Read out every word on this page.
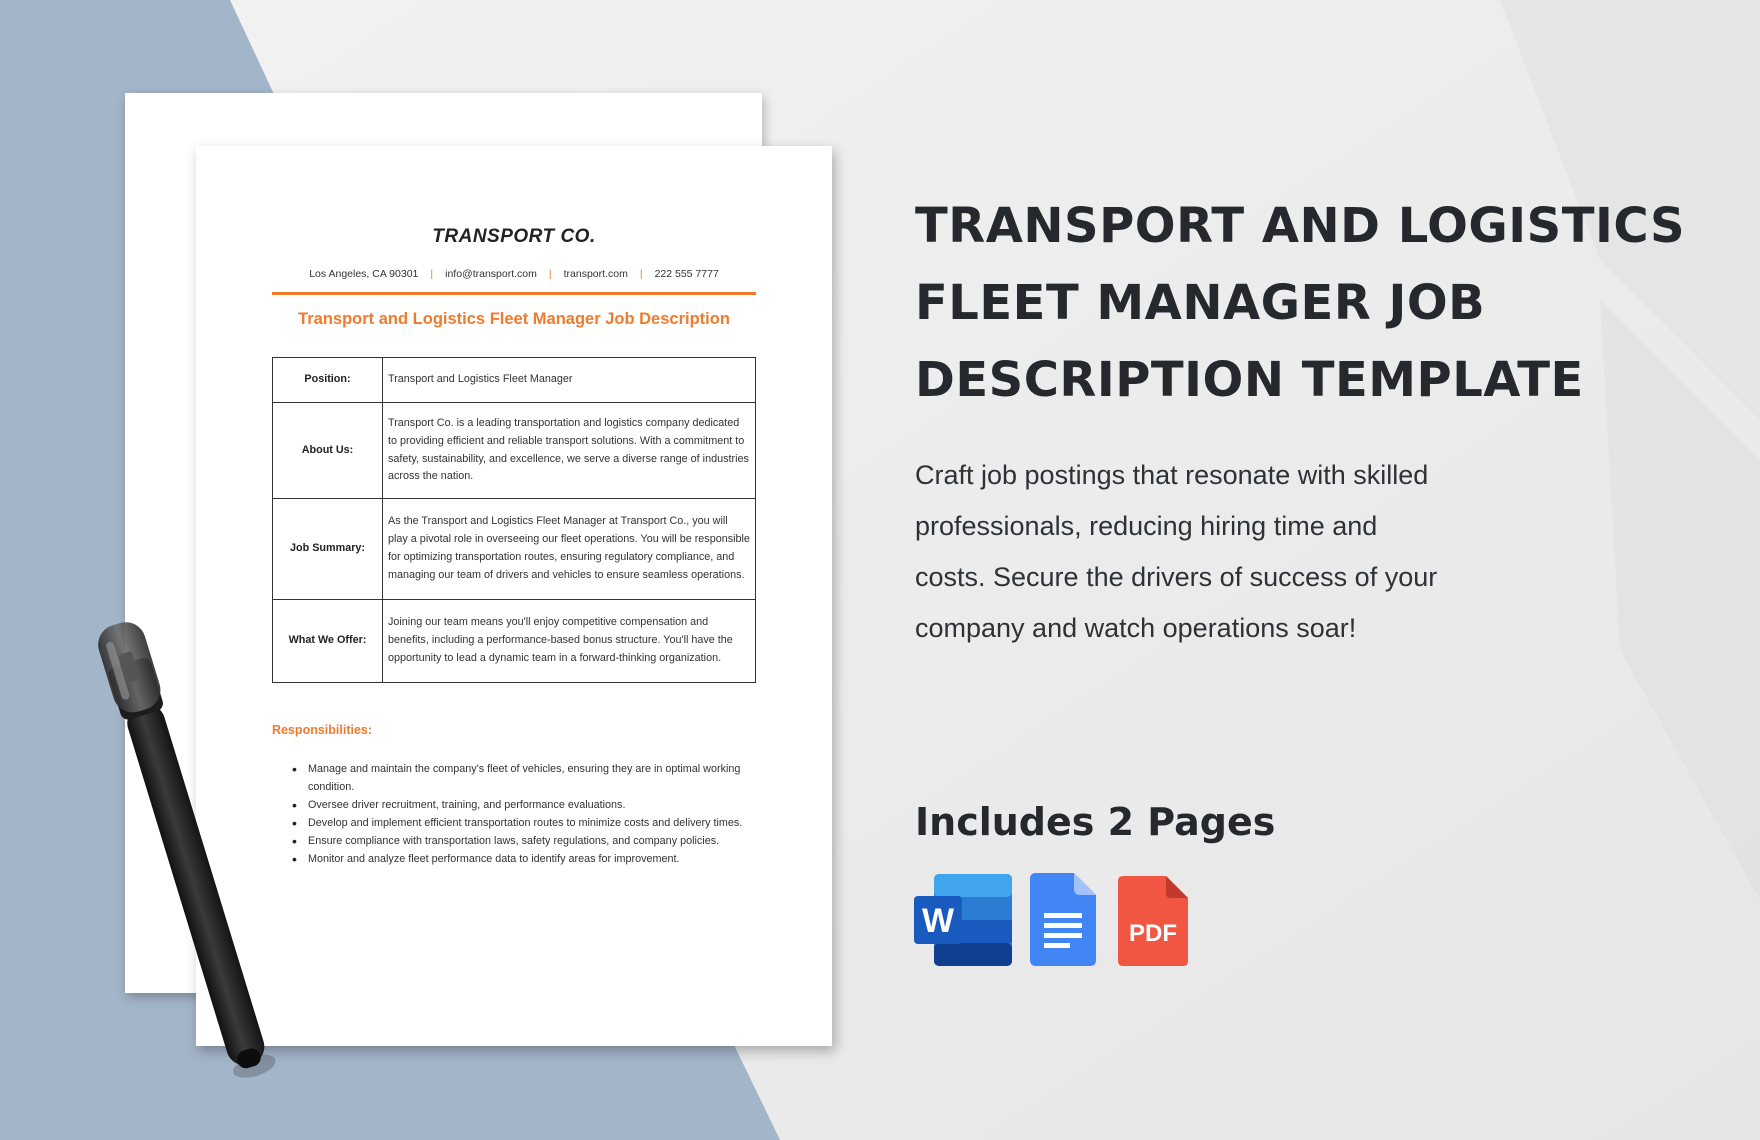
TRANSPORT CO.
Los Angeles, CA 90301 | info@transport.com | transport.com | 222 555 7777
Transport and Logistics Fleet Manager Job Description
Position:	Transport and Logistics Fleet Manager
About Us:	Transport Co. is a leading transportation and logistics company dedicated to providing efficient and reliable transport solutions. With a commitment to safety, sustainability, and excellence, we serve a diverse range of industries across the nation.
Job Summary:	As the Transport and Logistics Fleet Manager at Transport Co., you will play a pivotal role in overseeing our fleet operations. You will be responsible for optimizing transportation routes, ensuring regulatory compliance, and managing our team of drivers and vehicles to ensure seamless operations.
What We Offer:	Joining our team means you'll enjoy competitive compensation and benefits, including a performance-based bonus structure. You'll have the opportunity to lead a dynamic team in a forward-thinking organization.
Responsibilities:
• Manage and maintain the company's fleet of vehicles, ensuring they are in optimal working condition.
• Oversee driver recruitment, training, and performance evaluations.
• Develop and implement efficient transportation routes to minimize costs and delivery times.
• Ensure compliance with transportation laws, safety regulations, and company policies.
• Monitor and analyze fleet performance data to identify areas for improvement.
TRANSPORT AND LOGISTICS
FLEET MANAGER JOB
DESCRIPTION TEMPLATE
Craft job postings that resonate with skilled
professionals, reducing hiring time and
costs. Secure the drivers of success of your
company and watch operations soar!
Includes 2 Pages
W	PDF
